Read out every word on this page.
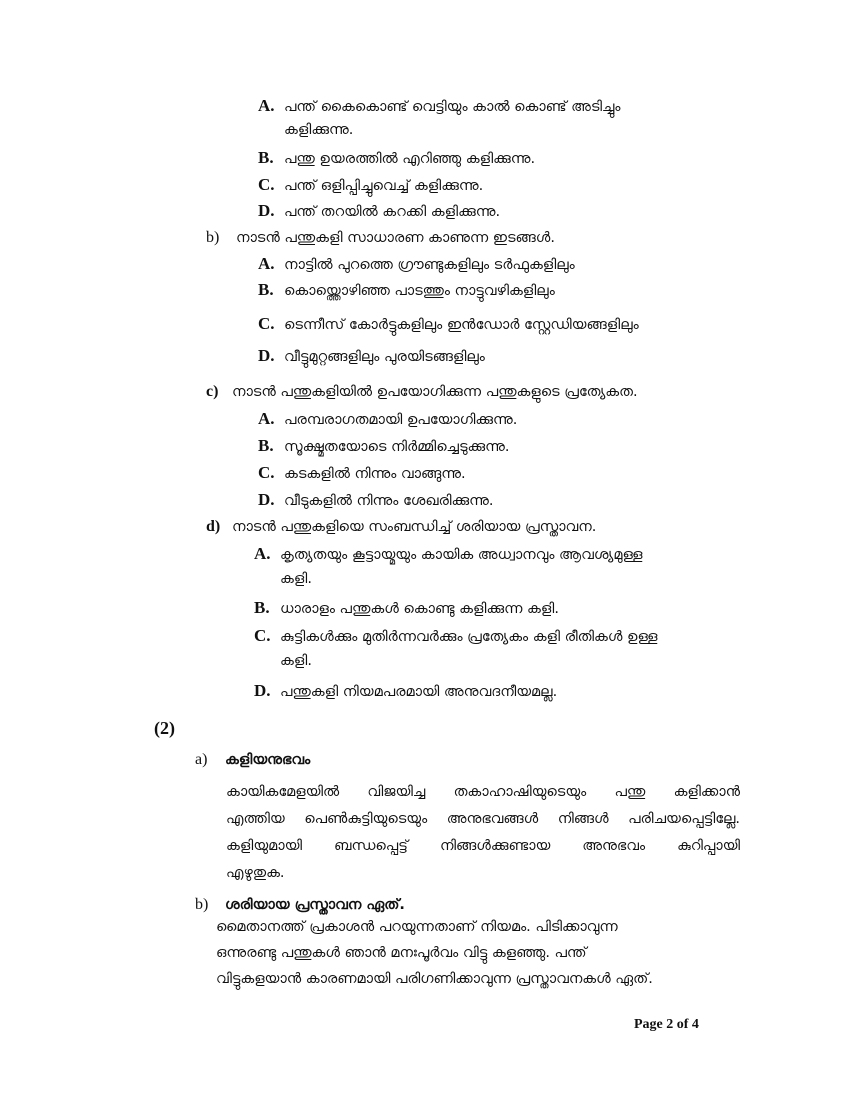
A. പന്ത് കൈകൊണ്ട് വെട്ടിയും കാൽ കൊണ്ട് അടിച്ചും
കളിക്കുന്നു.
B. പന്തു ഉയരത്തിൽ എറിഞ്ഞു കളിക്കുന്നു.
C. പന്ത് ഒളിപ്പിച്ചുവെച്ച് കളിക്കുന്നു.
D. പന്ത് തറയിൽ കറക്കി കളിക്കുന്നു.
b) നാടൻ പന്തുകളി സാധാരണ കാണുന്ന ഇടങ്ങൾ.
A. നാട്ടിൽ പുറത്തെ ഗ്രൗണ്ടുകളിലും ടർഫുകളിലും
B. കൊയ്ത്തൊഴിഞ്ഞ പാടത്തും നാട്ടുവഴികളിലും
C. ടെന്നീസ് കോർട്ടുകളിലും ഇൻഡോർ സ്റ്റേഡിയങ്ങളിലും
D. വീട്ടുമുറ്റങ്ങളിലും പുരയിടങ്ങളിലും
c) നാടൻ പന്തുകളിയിൽ ഉപയോഗിക്കുന്ന പന്തുകളുടെ പ്രത്യേകത.
A. പരമ്പരാഗതമായി ഉപയോഗിക്കുന്നു.
B. സൂക്ഷ്മതയോടെ നിർമ്മിച്ചെടുക്കുന്നു.
C. കടകളിൽ നിന്നും വാങ്ങുന്നു.
D. വീടുകളിൽ നിന്നും ശേഖരിക്കുന്നു.
d) നാടൻ പന്തുകളിയെ സംബന്ധിച്ച് ശരിയായ പ്രസ്താവന.
A. കൃത്യതയും കൂട്ടായ്മയും കായിക അധ്വാനവും ആവശ്യമുള്ള
കളി.
B. ധാരാളം പന്തുകൾ കൊണ്ടു കളിക്കുന്ന കളി.
C. കുട്ടികൾക്കും മുതിർന്നവർക്കും പ്രത്യേകം കളി രീതികൾ ഉള്ള
കളി.
D. പന്തുകളി നിയമപരമായി അനുവദനീയമല്ല.
(2)
a) കളിയനുഭവം
കായികമേളയിൽ വിജയിച്ച തകാഹാഷിയുടെയും പന്തു കളിക്കാൻ
എത്തിയ പെൺകുട്ടിയുടെയും അനുഭവങ്ങൾ നിങ്ങൾ പരിചയപ്പെട്ടില്ലേ.
കളിയുമായി ബന്ധപ്പെട്ട് നിങ്ങൾക്കുണ്ടായ അനുഭവം കുറിപ്പായി
എഴുതുക.
b) ശരിയായ പ്രസ്താവന ഏത്.
മൈതാനത്ത് പ്രകാശൻ പറയുന്നതാണ് നിയമം. പിടിക്കാവുന്ന
ഒന്നുരണ്ടു പന്തുകൾ ഞാൻ മനഃപൂർവം വിട്ടു കളഞ്ഞു. പന്ത്
വിട്ടുകളയാൻ കാരണമായി പരിഗണിക്കാവുന്ന പ്രസ്താവനകൾ ഏത്.
Page 2 of 4
